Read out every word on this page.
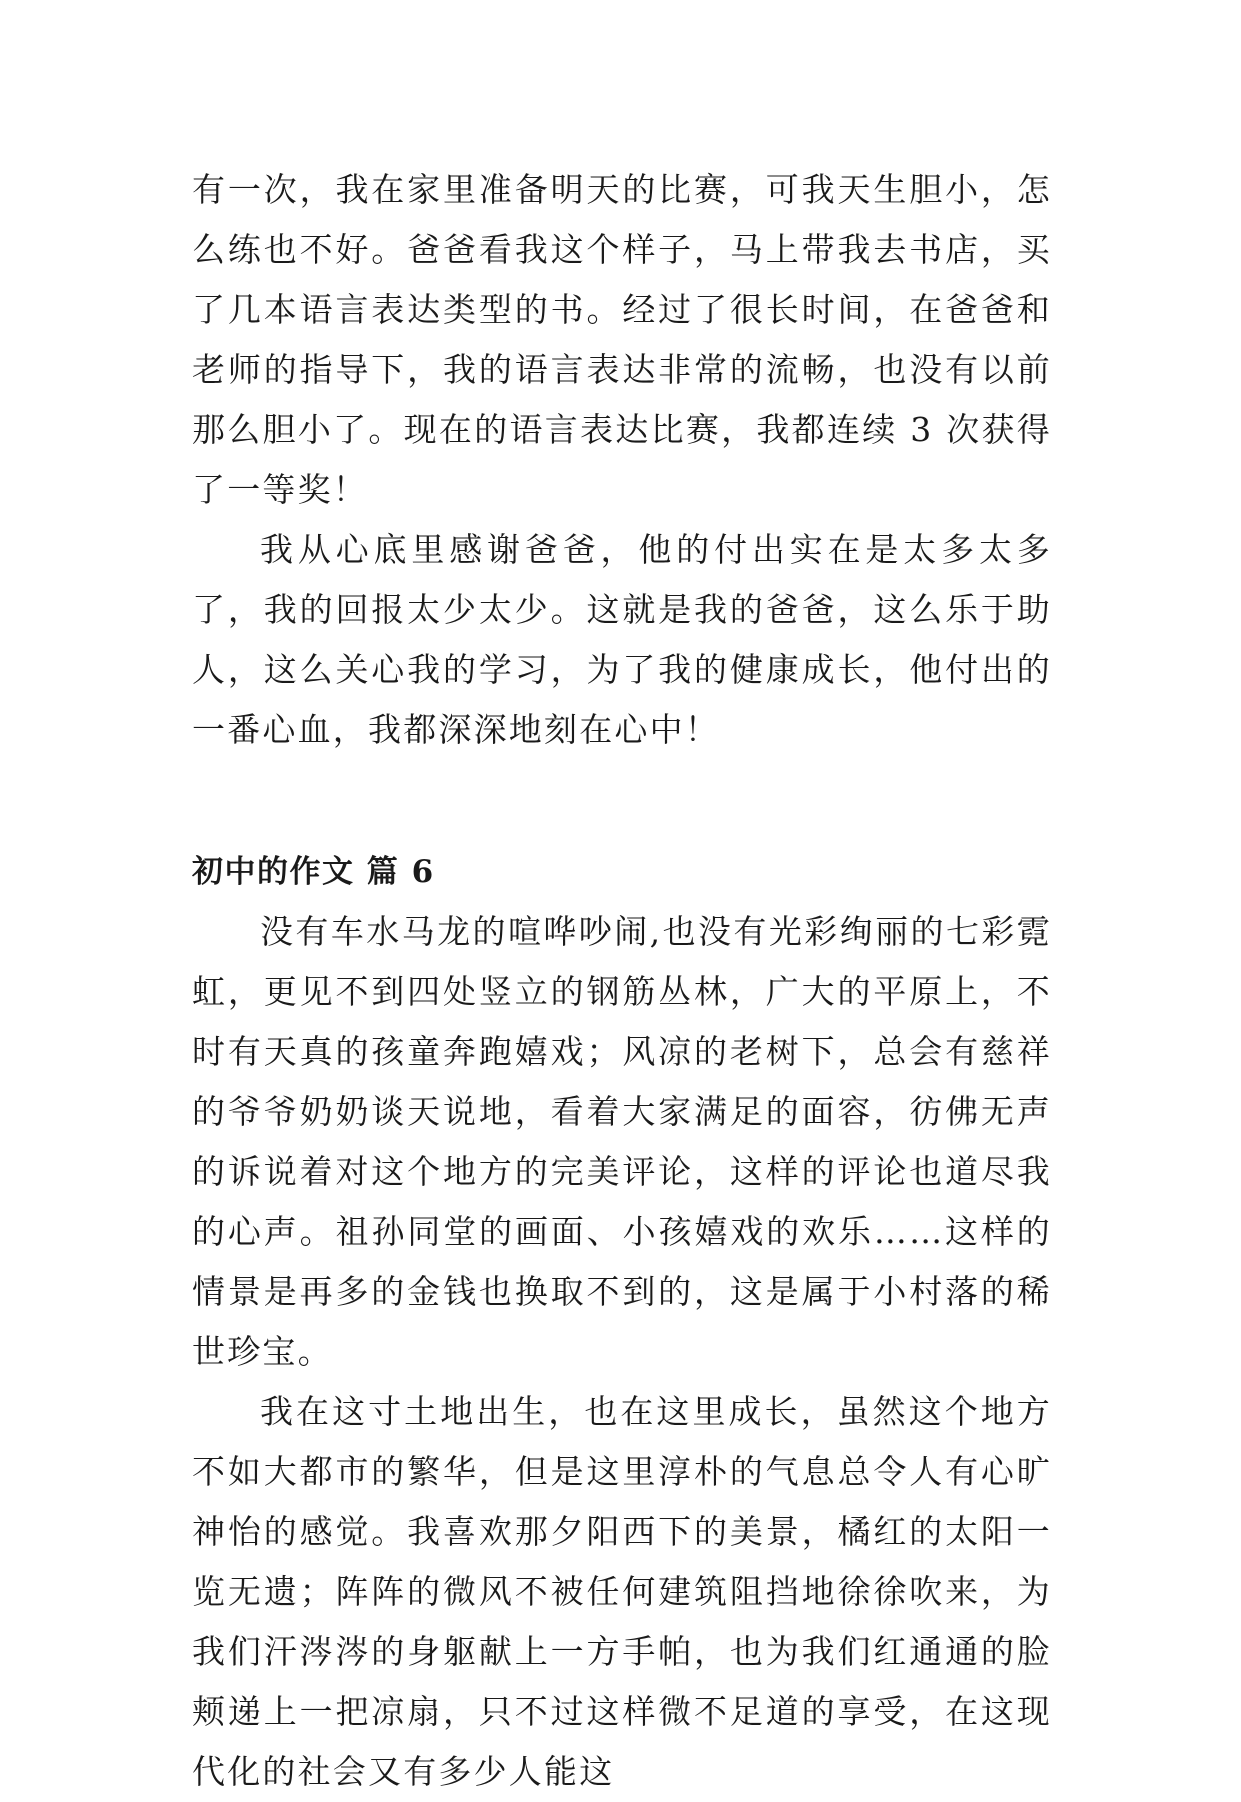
有一次，我在家里准备明天的比赛，可我天生胆小，怎么练也不好。爸爸看我这个样子，马上带我去书店，买了几本语言表达类型的书。经过了很长时间，在爸爸和老师的指导下，我的语言表达非常的流畅，也没有以前那么胆小了。现在的语言表达比赛，我都连续 3 次获得了一等奖！

我从心底里感谢爸爸，他的付出实在是太多太多了，我的回报太少太少。这就是我的爸爸，这么乐于助人，这么关心我的学习，为了我的健康成长，他付出的一番心血，我都深深地刻在心中！

初中的作文 篇 6

没有车水马龙的喧哗吵闹,也没有光彩绚丽的七彩霓虹，更见不到四处竖立的钢筋丛林，广大的平原上，不时有天真的孩童奔跑嬉戏；风凉的老树下，总会有慈祥的爷爷奶奶谈天说地，看着大家满足的面容，彷佛无声的诉说着对这个地方的完美评论，这样的评论也道尽我的心声。祖孙同堂的画面、小孩嬉戏的欢乐……这样的情景是再多的金钱也换取不到的，这是属于小村落的稀世珍宝。

我在这寸土地出生，也在这里成长，虽然这个地方不如大都市的繁华，但是这里淳朴的气息总令人有心旷神怡的感觉。我喜欢那夕阳西下的美景，橘红的太阳一览无遗；阵阵的微风不被任何建筑阻挡地徐徐吹来，为我们汗涔涔的身躯献上一方手帕，也为我们红通通的脸颊递上一把凉扇，只不过这样微不足道的享受，在这现代化的社会又有多少人能这
